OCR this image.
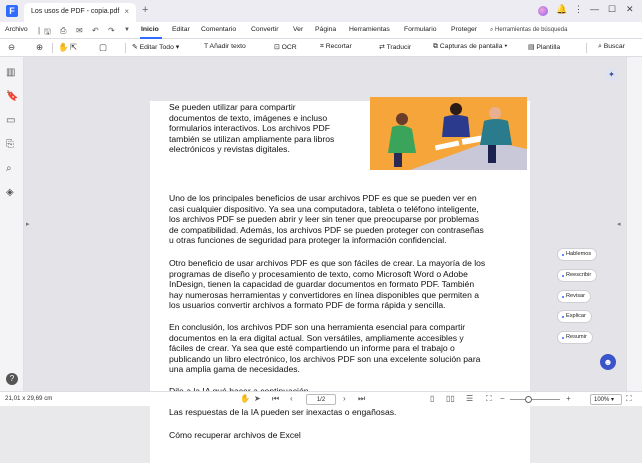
F	Los usos de PDF - copia.pdf × +	🔔 ⋮ — ☐ ✕
Archivo | 🖫 ⎙ ✉ ↶ ↷ ▼ Inicio Editar Comentario Convertir Ver Página Herramientas Formulario Proteger ⌕ Herramientas de búsqueda
⊖ ⊕ ✋ ⇱	▢	✎ Editar Todo ▾	T Añadir texto	⊡ OCR	⌗ Recortar	⇄ Traducir	⧉ Capturas de pantalla ▾	▤ Plantilla	⌕ Buscar
▥
🔖
▭
⎘
⌕
◈
?
Se pueden utilizar para compartir
documentos de texto, imágenes e incluso
formularios interactivos. Los archivos PDF
también se utilizan ampliamente para libros
electrónicos y revistas digitales.
Uno de los principales beneficios de usar archivos PDF es que se pueden ver en
casi cualquier dispositivo. Ya sea una computadora, tableta o teléfono inteligente,
los archivos PDF se pueden abrir y leer sin tener que preocuparse por problemas
de compatibilidad. Además, los archivos PDF se pueden proteger con contraseñas
u otras funciones de seguridad para proteger la información confidencial.
Otro beneficio de usar archivos PDF es que son fáciles de crear. La mayoría de los
programas de diseño y procesamiento de texto, como Microsoft Word o Adobe
InDesign, tienen la capacidad de guardar documentos en formato PDF. También
hay numerosas herramientas y convertidores en línea disponibles que permiten a
los usuarios convertir archivos a formato PDF de forma rápida y sencilla.
En conclusión, los archivos PDF son una herramienta esencial para compartir
documentos en la era digital actual. Son versátiles, ampliamente accesibles y
fáciles de crear. Ya sea que esté compartiendo un informe para el trabajo o
publicando un libro electrónico, los archivos PDF son una excelente solución para
una amplia gama de necesidades.
Las respuestas de la IA pueden ser inexactas o engañosas.
Cómo recuperar archivos de Excel
▸	◂
✦
Hablemos
Reescribir
Revisar
Explicar
Resumir
☻
21,01 x 29,69 cm	✋ ➤ ⏮ ‹	1/2	› ⏭	▯ ▯▯ ☰ ⛶ −	+	100% ▾	⛶
